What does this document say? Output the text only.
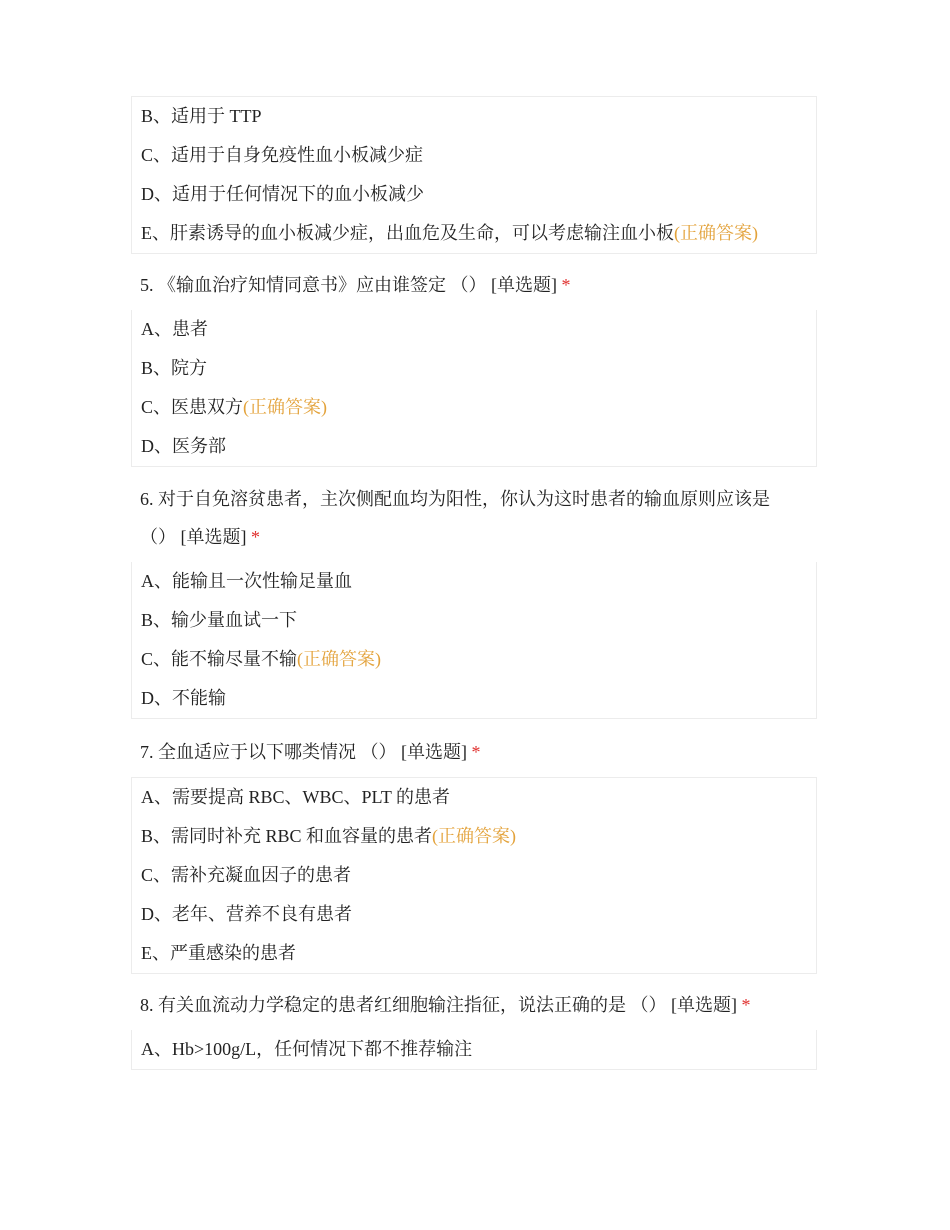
B、适用于 TTP
C、适用于自身免疫性血小板减少症
D、适用于任何情况下的血小板减少
E、肝素诱导的血小板减少症，出血危及生命，可以考虑输注血小板(正确答案)
5. 《输血治疗知情同意书》应由谁签定 （） [单选题] *
A、患者
B、院方
C、医患双方(正确答案)
D、医务部
6. 对于自免溶贫患者，主次侧配血均为阳性，你认为这时患者的输血原则应该是
（） [单选题] *
A、能输且一次性输足量血
B、输少量血试一下
C、能不输尽量不输(正确答案)
D、不能输
7. 全血适应于以下哪类情况 （） [单选题] *
A、需要提高 RBC、WBC、PLT 的患者
B、需同时补充 RBC 和血容量的患者(正确答案)
C、需补充凝血因子的患者
D、老年、营养不良有患者
E、严重感染的患者
8. 有关血流动力学稳定的患者红细胞输注指征，说法正确的是 （） [单选题] *
A、Hb>100g/L，任何情况下都不推荐输注
